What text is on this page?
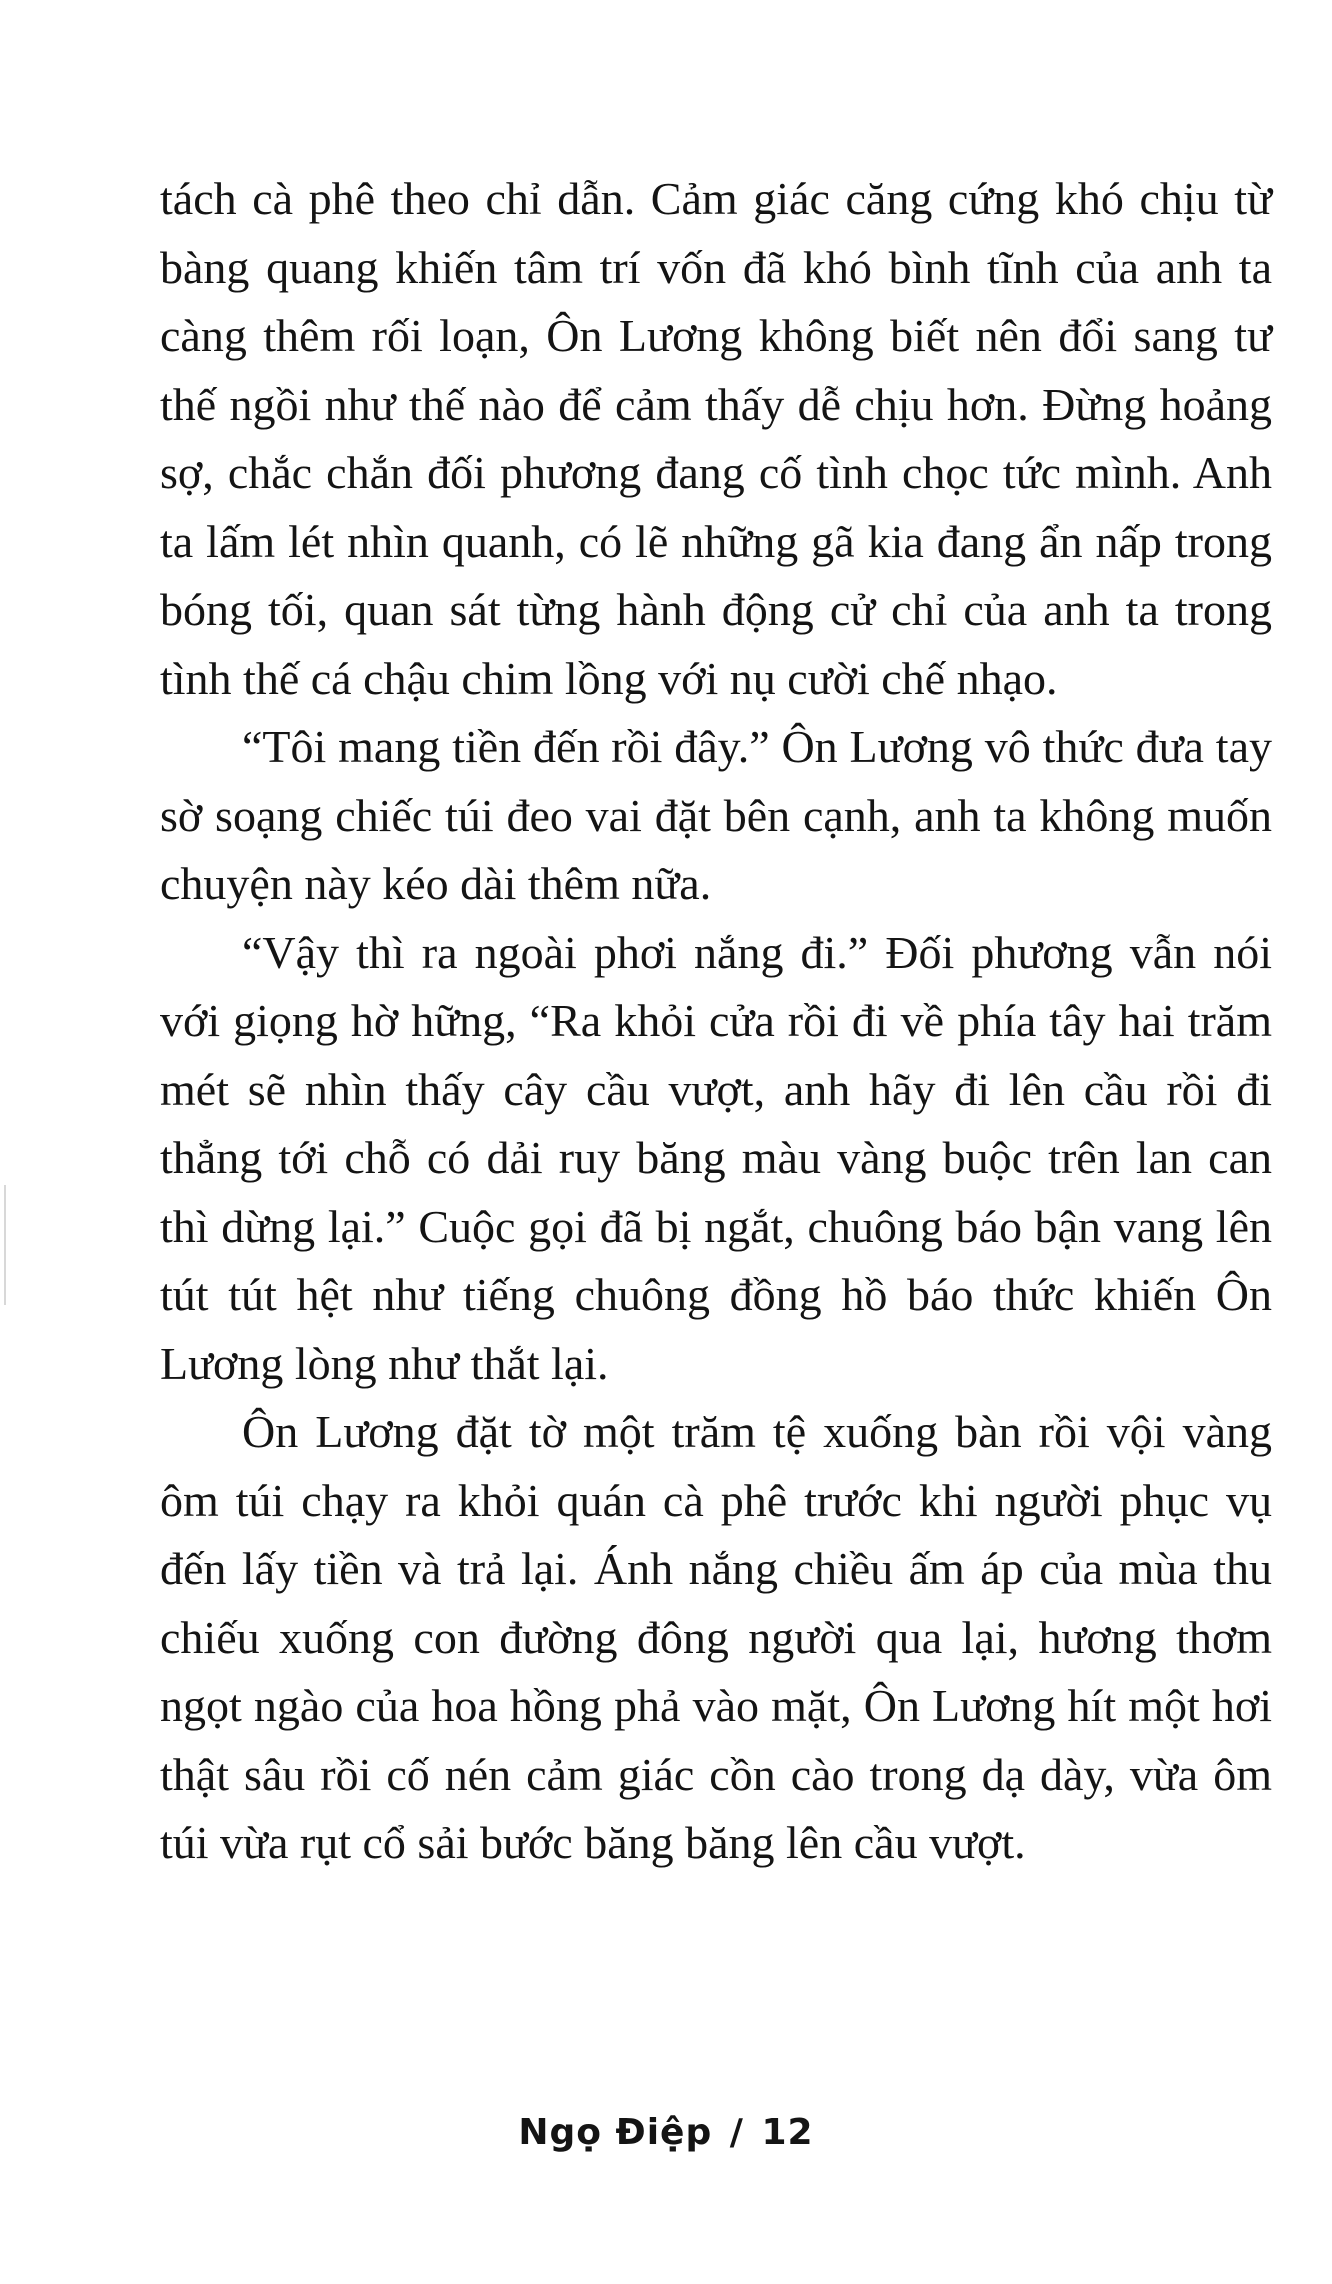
tách cà phê theo chỉ dẫn. Cảm giác căng cứng khó chịu từ bàng quang khiến tâm trí vốn đã khó bình tĩnh của anh ta càng thêm rối loạn, Ôn Lương không biết nên đổi sang tư thế ngồi như thế nào để cảm thấy dễ chịu hơn. Đừng hoảng sợ, chắc chắn đối phương đang cố tình chọc tức mình. Anh ta lấm lét nhìn quanh, có lẽ những gã kia đang ẩn nấp trong bóng tối, quan sát từng hành động cử chỉ của anh ta trong tình thế cá chậu chim lồng với nụ cười chế nhạo.

“Tôi mang tiền đến rồi đây.” Ôn Lương vô thức đưa tay sờ soạng chiếc túi đeo vai đặt bên cạnh, anh ta không muốn chuyện này kéo dài thêm nữa.

“Vậy thì ra ngoài phơi nắng đi.” Đối phương vẫn nói với giọng hờ hững, “Ra khỏi cửa rồi đi về phía tây hai trăm mét sẽ nhìn thấy cây cầu vượt, anh hãy đi lên cầu rồi đi thẳng tới chỗ có dải ruy băng màu vàng buộc trên lan can thì dừng lại.” Cuộc gọi đã bị ngắt, chuông báo bận vang lên tút tút hệt như tiếng chuông đồng hồ báo thức khiến Ôn Lương lòng như thắt lại.

Ôn Lương đặt tờ một trăm tệ xuống bàn rồi vội vàng ôm túi chạy ra khỏi quán cà phê trước khi người phục vụ đến lấy tiền và trả lại. Ánh nắng chiều ấm áp của mùa thu chiếu xuống con đường đông người qua lại, hương thơm ngọt ngào của hoa hồng phả vào mặt, Ôn Lương hít một hơi thật sâu rồi cố nén cảm giác cồn cào trong dạ dày, vừa ôm túi vừa rụt cổ sải bước băng băng lên cầu vượt.

Ngọ Điệp / 12
